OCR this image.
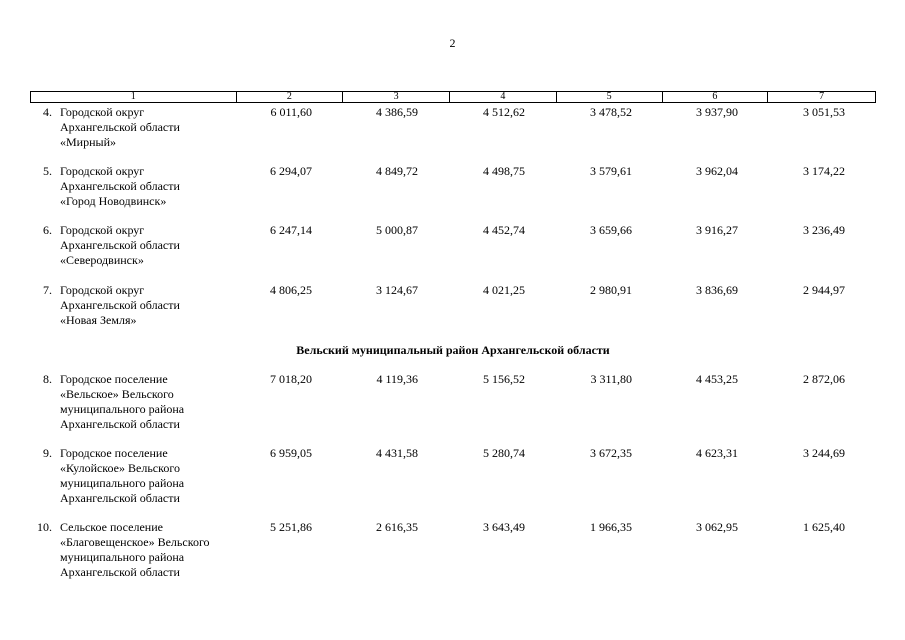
2
1	2	3	4	5	6	7
4. Городской округ
Архангельской области
«Мирный»
6 011,60	4 386,59	4 512,62	3 478,52	3 937,90	3 051,53
5. Городской округ
Архангельской области
«Город Новодвинск»
6 294,07	4 849,72	4 498,75	3 579,61	3 962,04	3 174,22
6. Городской округ
Архангельской области
«Северодвинск»
6 247,14	5 000,87	4 452,74	3 659,66	3 916,27	3 236,49
7. Городской округ
Архангельской области
«Новая Земля»
4 806,25	3 124,67	4 021,25	2 980,91	3 836,69	2 944,97
Вельский муниципальный район Архангельской области
8. Городское поселение
«Вельское» Вельского
муниципального района
Архангельской области
7 018,20	4 119,36	5 156,52	3 311,80	4 453,25	2 872,06
9. Городское поселение
«Кулойское» Вельского
муниципального района
Архангельской области
6 959,05	4 431,58	5 280,74	3 672,35	4 623,31	3 244,69
10. Сельское поселение
«Благовещенское» Вельского
муниципального района
Архангельской области
5 251,86	2 616,35	3 643,49	1 966,35	3 062,95	1 625,40
